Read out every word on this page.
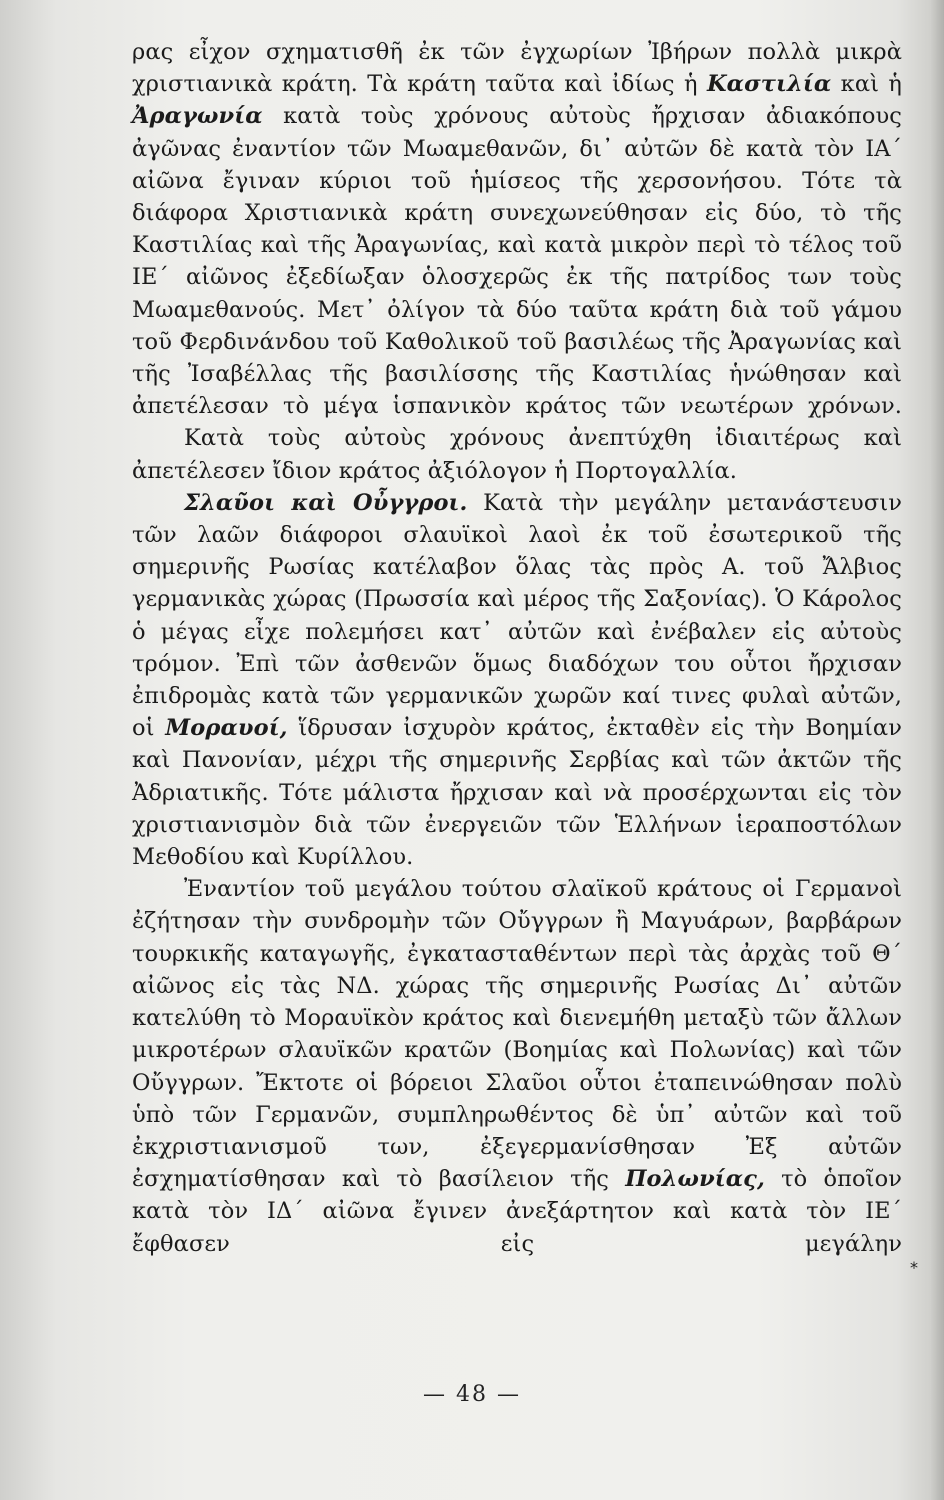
ρας εἶχον σχηματισθῆ ἐκ τῶν ἐγχωρίων Ἰβήρων πολλὰ μικρὰ χριστιανικὰ κράτη. Τὰ κράτη ταῦτα καὶ ἰδίως ἡ Καστιλία καὶ ἡ Ἀραγωνία κατὰ τοὺς χρόνους αὐτοὺς ἤρχισαν ἀδιακόπους ἀγῶνας ἐναντίον τῶν Μωαμεθανῶν, δι᾿ αὐτῶν δὲ κατὰ τὸν ΙΑ΄ αἰῶνα ἔγιναν κύριοι τοῦ ἡμίσεος τῆς χερσονήσου. Τότε τὰ διάφορα Χριστιανικὰ κράτη συνεχωνεύθησαν εἰς δύο, τὸ τῆς Καστιλίας καὶ τῆς Ἀραγωνίας, καὶ κατὰ μικρὸν περὶ τὸ τέλος τοῦ ΙΕ΄ αἰῶνος ἐξεδίωξαν ὁλοσχερῶς ἐκ τῆς πατρίδος των τοὺς Μωαμεθανούς. Μετ᾿ ὀλίγον τὰ δύο ταῦτα κράτη διὰ τοῦ γάμου τοῦ Φερδινάνδου τοῦ Καθολικοῦ τοῦ βασιλέως τῆς Ἀραγωνίας καὶ τῆς Ἰσαβέλλας τῆς βασιλίσσης τῆς Καστιλίας ἡνώθησαν καὶ ἀπετέλεσαν τὸ μέγα ἱσπανικὸν κράτος τῶν νεωτέρων χρόνων.

Κατὰ τοὺς αὐτοὺς χρόνους ἀνεπτύχθη ἰδιαιτέρως καὶ ἀπετέλεσεν ἴδιον κράτος ἀξιόλογον ἡ Πορτογαλλία.

Σλαῦοι καὶ Οὖγγροι. Κατὰ τὴν μεγάλην μετανάστευσιν τῶν λαῶν διάφοροι σλαυϊκοὶ λαοὶ ἐκ τοῦ ἐσωτερικοῦ τῆς σημερινῆς Ρωσίας κατέλαβον ὅλας τὰς πρὸς Α. τοῦ Ἄλβιος γερμανικὰς χώρας (Πρωσσία καὶ μέρος τῆς Σαξονίας). Ὁ Κάρολος ὁ μέγας εἶχε πολεμήσει κατ᾿ αὐτῶν καὶ ἐνέβαλεν εἰς αὐτοὺς τρόμον. Ἐπὶ τῶν ἀσθενῶν ὅμως διαδόχων του οὗτοι ἤρχισαν ἐπιδρομὰς κατὰ τῶν γερμανικῶν χωρῶν καί τινες φυλαὶ αὐτῶν, οἱ Μοραυοί, ἵδρυσαν ἰσχυρὸν κράτος, ἐκταθὲν εἰς τὴν Βοημίαν καὶ Πανονίαν, μέχρι τῆς σημερινῆς Σερβίας καὶ τῶν ἀκτῶν τῆς Ἀδριατικῆς. Τότε μάλιστα ἤρχισαν καὶ νὰ προσέρχωνται εἰς τὸν χριστιανισμὸν διὰ τῶν ἐνεργειῶν τῶν Ἑλλήνων ἱεραποστόλων Μεθοδίου καὶ Κυρίλλου.

Ἐναντίον τοῦ μεγάλου τούτου σλαϊκοῦ κράτους οἱ Γερμανοὶ ἐζήτησαν τὴν συνδρομὴν τῶν Οὔγγρων ἢ Μαγυάρων, βαρβάρων τουρκικῆς καταγωγῆς, ἐγκατασταθέντων περὶ τὰς ἀρχὰς τοῦ Θ΄ αἰῶνος εἰς τὰς ΝΔ. χώρας τῆς σημερινῆς Ρωσίας Δι᾿ αὐτῶν κατελύθη τὸ Μοραυϊκὸν κράτος καὶ διενεμήθη μεταξὺ τῶν ἄλλων μικροτέρων σλαυϊκῶν κρατῶν (Βοημίας καὶ Πολωνίας) καὶ τῶν Οὔγγρων. Ἔκτοτε οἱ βόρειοι Σλαῦοι οὗτοι ἐταπεινώθησαν πολὺ ὑπὸ τῶν Γερμανῶν, συμπληρωθέντος δὲ ὑπ᾿ αὐτῶν καὶ τοῦ ἐκχριστιανισμοῦ των, ἐξεγερμανίσθησαν Ἐξ αὐτῶν ἐσχηματίσθησαν καὶ τὸ βασίλειον τῆς Πολωνίας, τὸ ὁποῖον κατὰ τὸν ΙΔ΄ αἰῶνα ἔγινεν ἀνεξάρτητον καὶ κατὰ τὸν ΙΕ΄ ἔφθασεν εἰς μεγάλην

*
— 48 —
